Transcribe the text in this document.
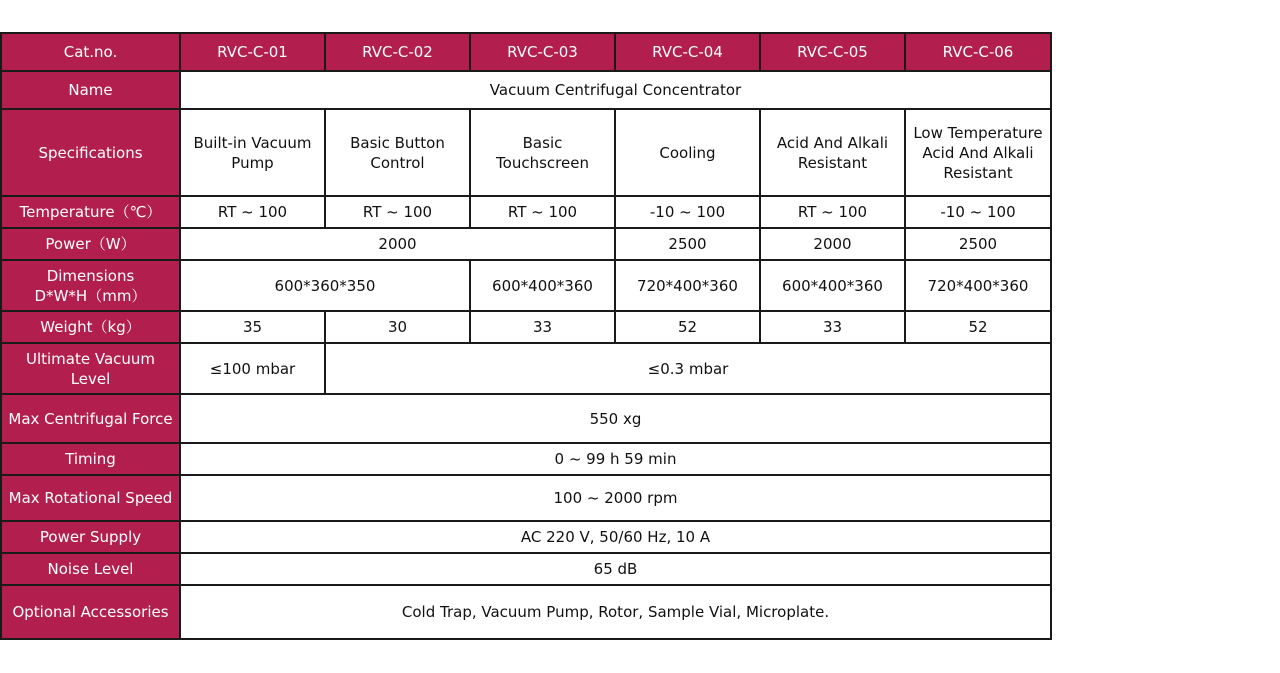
Cat.no.	RVC-C-01	RVC-C-02	RVC-C-03	RVC-C-04	RVC-C-05	RVC-C-06
Name	Vacuum Centrifugal Concentrator					
Specifications	Built-in Vacuum Pump	Basic Button Control	Basic Touchscreen	Cooling	Acid And Alkali Resistant	Low Temperature Acid And Alkali Resistant
Temperature（℃）	RT ~ 100	RT ~ 100	RT ~ 100	-10 ~ 100	RT ~ 100	-10 ~ 100
Power（W）	2000			2500	2000	2500
Dimensions
D*W*H（mm）	600*360*350		600*400*360	720*400*360	600*400*360	720*400*360
Weight（kg）	35	30	33	52	33	52
Ultimate Vacuum Level	≤100 mbar	≤0.3 mbar				
Max Centrifugal Force	550 xg					
Timing	0 ~ 99 h 59 min					
Max Rotational Speed	100 ~ 2000 rpm					
Power Supply	AC 220 V, 50/60 Hz, 10 A					
Noise Level	65 dB					
Optional Accessories	Cold Trap, Vacuum Pump, Rotor, Sample Vial, Microplate.					
